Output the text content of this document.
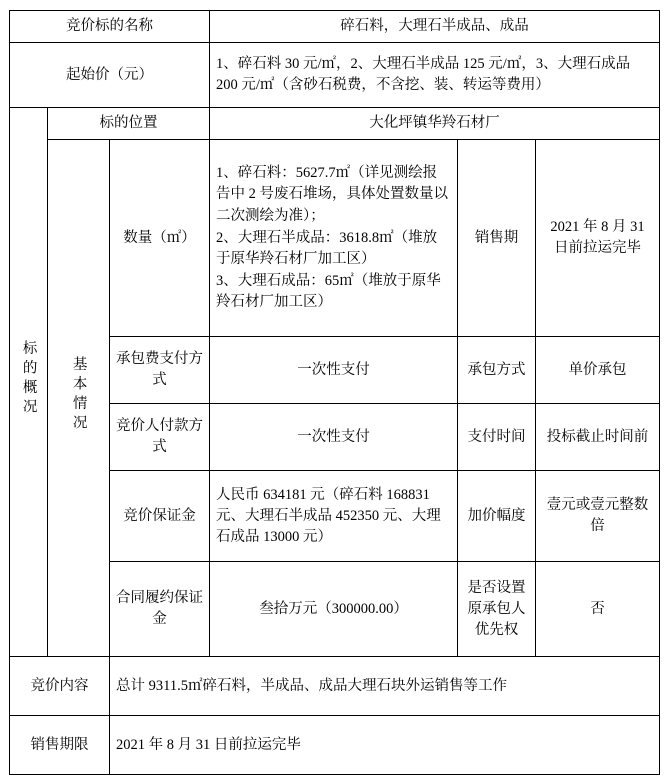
竞价标的名称			碎石料，大理石半成品、成品		
起始价（元）			1、碎石料 30 元/㎡，2、大理石半成品 125 元/㎡，3、大理石成品 200 元/㎡（含砂石税费，不含挖、装、转运等费用）		

标的概况	标的位置		大化坪镇华羚石材厂		

	基本情况	数量（㎡）	1、碎石料：5627.7㎡（详见测绘报告中 2 号废石堆场，具体处置数量以二次测绘为准）；
2、大理石半成品：3618.8㎡（堆放于原华羚石材厂加工区）
3、大理石成品：65㎡（堆放于原华羚石材厂加工区）	销售期	2021 年 8 月 31 日前拉运完毕
		承包费支付方式	一次性支付	承包方式	单价承包
		竞价人付款方式	一次性支付	支付时间	投标截止时间前
		竞价保证金	人民币 634181 元（碎石料 168831 元、大理石半成品 452350 元、大理石成品 13000 元）	加价幅度	壹元或壹元整数倍
		合同履约保证金	叁拾万元（300000.00）	是否设置原承包人优先权	否
竞价内容		总计 9311.5㎡碎石料，半成品、成品大理石块外运销售等工作			
销售期限		2021 年 8 月 31 日前拉运完毕			
